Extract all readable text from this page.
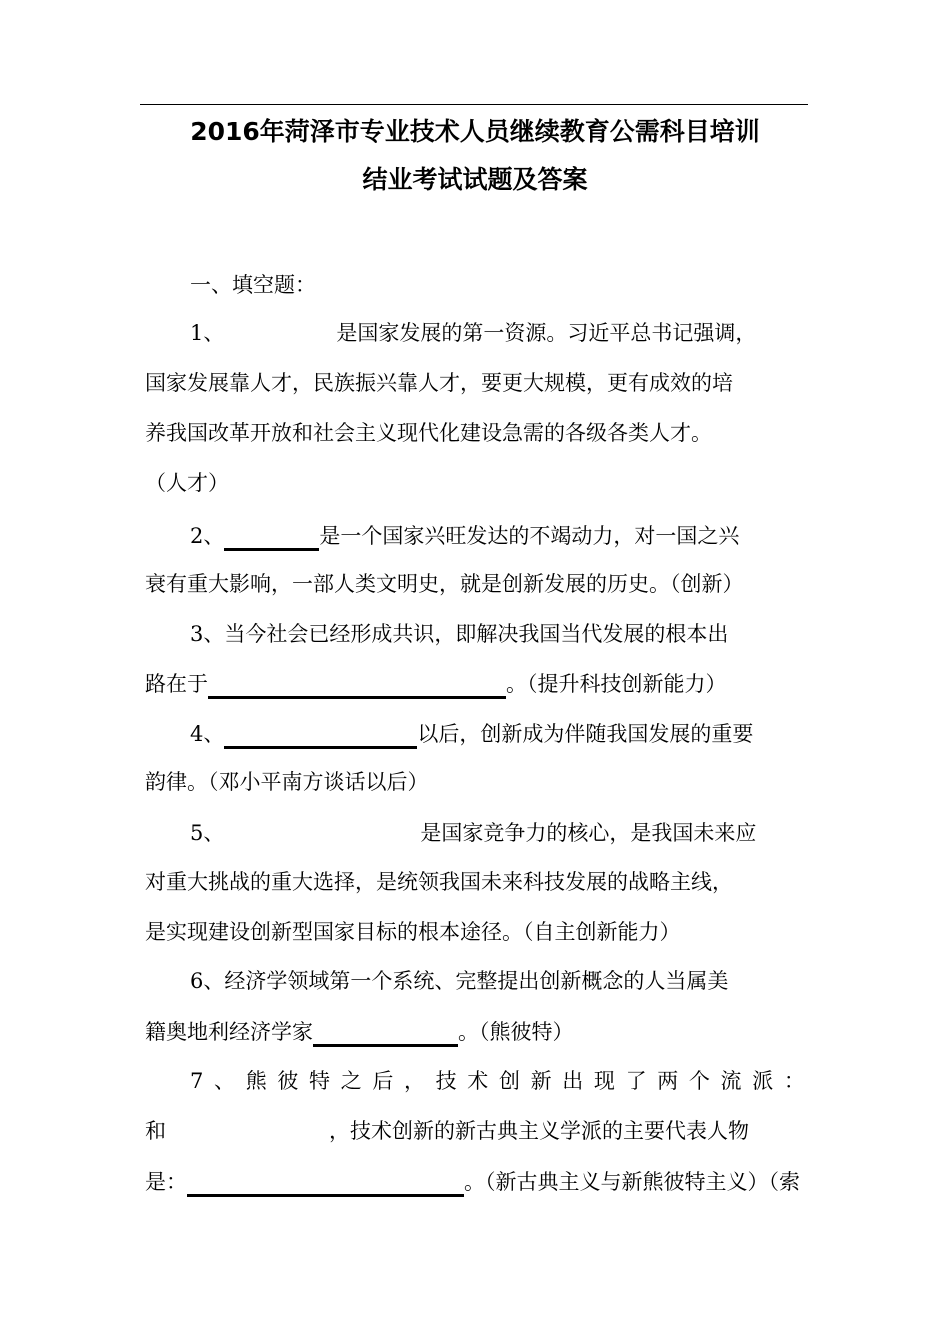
2016年菏泽市专业技术人员继续教育公需科目培训
结业考试试题及答案
一、填空题：
1、	是国家发展的第一资源。习近平总书记强调，
国家发展靠人才，民族振兴靠人才，要更大规模，更有成效的培
养我国改革开放和社会主义现代化建设急需的各级各类人才。
（人才）
2、	是一个国家兴旺发达的不竭动力，对一国之兴
衰有重大影响，一部人类文明史，就是创新发展的历史。（创新）
3、当今社会已经形成共识，即解决我国当代发展的根本出
路在于	。（提升科技创新能力）
4、	以后，创新成为伴随我国发展的重要
韵律。（邓小平南方谈话以后）
5、	是国家竞争力的核心，是我国未来应
对重大挑战的重大选择，是统领我国未来科技发展的战略主线，
是实现建设创新型国家目标的根本途径。（自主创新能力）
6、经济学领域第一个系统、完整提出创新概念的人当属美
籍奥地利经济学家	。（熊彼特）
7 、 熊 彼 特 之 后 ， 技 术 创 新 出 现 了 两 个 流 派 ：
和	，技术创新的新古典主义学派的主要代表人物
是：	。（新古典主义与新熊彼特主义）（索
